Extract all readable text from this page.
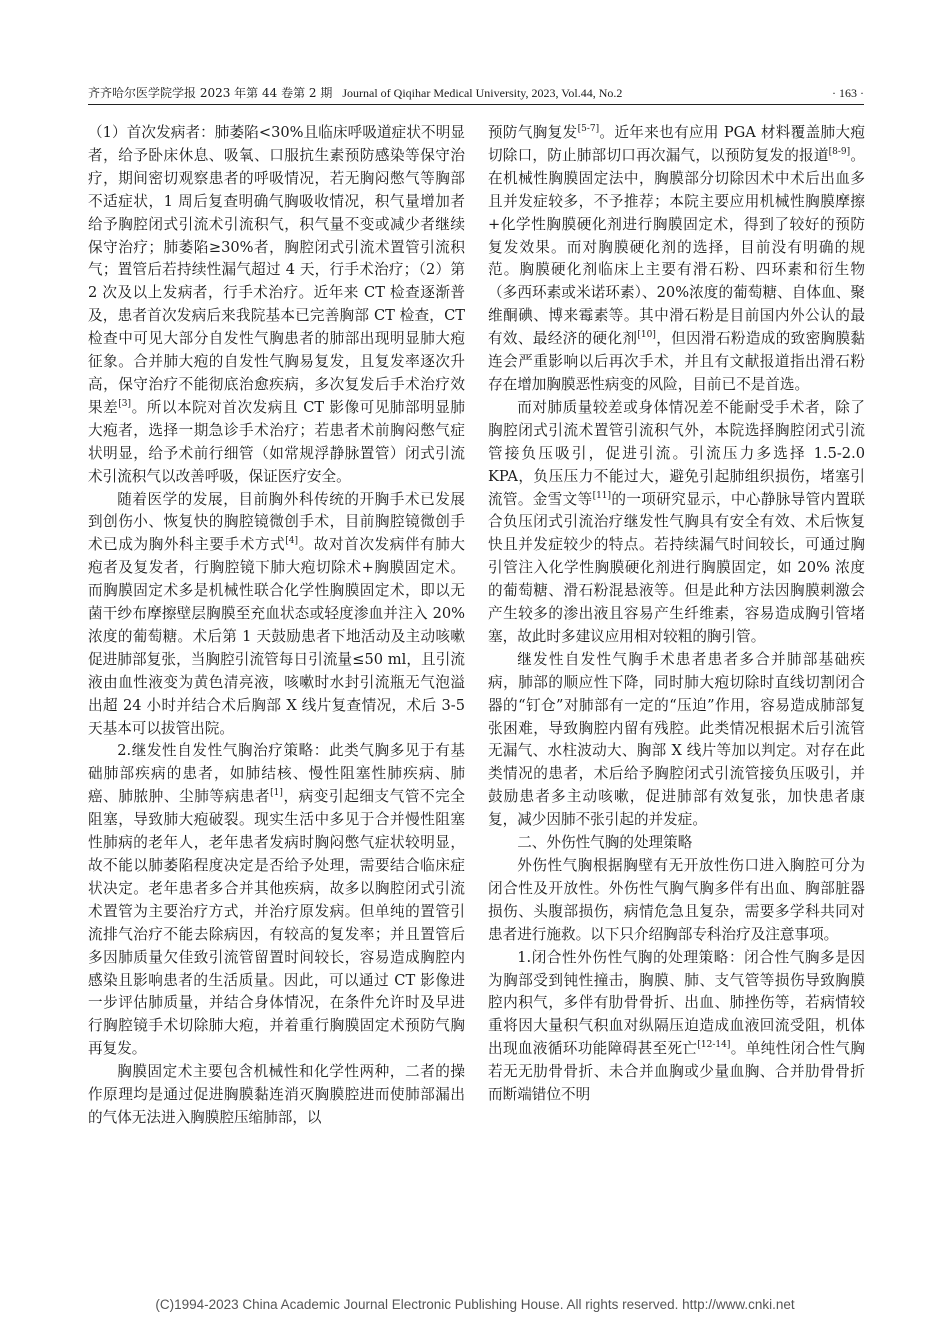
齐齐哈尔医学院学报 2023 年第 44 卷第 2 期 Journal of Qiqihar Medical University, 2023, Vol.44, No.2	· 163 ·

（1）首次发病者：肺萎陷<30%且临床呼吸道症状不明显者，给予卧床休息、吸氧、口服抗生素预防感染等保守治疗，期间密切观察患者的呼吸情况，若无胸闷憋气等胸部不适症状，1 周后复查明确气胸吸收情况，积气量增加者给予胸腔闭式引流术引流积气，积气量不变或减少者继续保守治疗；肺萎陷≥30%者，胸腔闭式引流术置管引流积气；置管后若持续性漏气超过 4 天，行手术治疗；（2）第 2 次及以上发病者，行手术治疗。近年来 CT 检查逐渐普及，患者首次发病后来我院基本已完善胸部 CT 检查，CT 检查中可见大部分自发性气胸患者的肺部出现明显肺大疱征象。合并肺大疱的自发性气胸易复发，且复发率逐次升高，保守治疗不能彻底治愈疾病，多次复发后手术治疗效果差[3]。所以本院对首次发病且 CT 影像可见肺部明显肺大疱者，选择一期急诊手术治疗；若患者术前胸闷憋气症状明显，给予术前行细管（如常规浮静脉置管）闭式引流术引流积气以改善呼吸，保证医疗安全。

随着医学的发展，目前胸外科传统的开胸手术已发展到创伤小、恢复快的胸腔镜微创手术，目前胸腔镜微创手术已成为胸外科主要手术方式[4]。故对首次发病伴有肺大疱者及复发者，行胸腔镜下肺大疱切除术+胸膜固定术。而胸膜固定术多是机械性联合化学性胸膜固定术，即以无菌干纱布摩擦壁层胸膜至充血状态或轻度渗血并注入 20%浓度的葡萄糖。术后第 1 天鼓励患者下地活动及主动咳嗽促进肺部复张，当胸腔引流管每日引流量≤50 ml，且引流液由血性液变为黄色清亮液，咳嗽时水封引流瓶无气泡溢出超 24 小时并结合术后胸部 X 线片复查情况，术后 3-5 天基本可以拔管出院。

2.继发性自发性气胸治疗策略：此类气胸多见于有基础肺部疾病的患者，如肺结核、慢性阻塞性肺疾病、肺癌、肺脓肿、尘肺等病患者[1]，病变引起细支气管不完全阻塞，导致肺大疱破裂。现实生活中多见于合并慢性阻塞性肺病的老年人，老年患者发病时胸闷憋气症状较明显，故不能以肺萎陷程度决定是否给予处理，需要结合临床症状决定。老年患者多合并其他疾病，故多以胸腔闭式引流术置管为主要治疗方式，并治疗原发病。但单纯的置管引流排气治疗不能去除病因，有较高的复发率；并且置管后多因肺质量欠佳致引流管留置时间较长，容易造成胸腔内感染且影响患者的生活质量。因此，可以通过 CT 影像进一步评估肺质量，并结合身体情况，在条件允许时及早进行胸腔镜手术切除肺大疱，并着重行胸膜固定术预防气胸再复发。

胸膜固定术主要包含机械性和化学性两种，二者的操作原理均是通过促进胸膜黏连消灭胸膜腔进而使肺部漏出的气体无法进入胸膜腔压缩肺部，以

预防气胸复发[5-7]。近年来也有应用 PGA 材料覆盖肺大疱切除口，防止肺部切口再次漏气，以预防复发的报道[8-9]。在机械性胸膜固定法中，胸膜部分切除因术中术后出血多且并发症较多，不予推荐；本院主要应用机械性胸膜摩擦+化学性胸膜硬化剂进行胸膜固定术，得到了较好的预防复发效果。而对胸膜硬化剂的选择，目前没有明确的规范。胸膜硬化剂临床上主要有滑石粉、四环素和衍生物（多西环素或米诺环素）、20%浓度的葡萄糖、自体血、聚维酮碘、博来霉素等。其中滑石粉是目前国内外公认的最有效、最经济的硬化剂[10]，但因滑石粉造成的致密胸膜黏连会严重影响以后再次手术，并且有文献报道指出滑石粉存在增加胸膜恶性病变的风险，目前已不是首选。

而对肺质量较差或身体情况差不能耐受手术者，除了胸腔闭式引流术置管引流积气外，本院选择胸腔闭式引流管接负压吸引，促进引流。引流压力多选择 1.5-2.0 KPA，负压压力不能过大，避免引起肺组织损伤，堵塞引流管。金雪文等[11]的一项研究显示，中心静脉导管内置联合负压闭式引流治疗继发性气胸具有安全有效、术后恢复快且并发症较少的特点。若持续漏气时间较长，可通过胸引管注入化学性胸膜硬化剂进行胸膜固定，如 20% 浓度的葡萄糖、滑石粉混悬液等。但是此种方法因胸膜刺激会产生较多的渗出液且容易产生纤维素，容易造成胸引管堵塞，故此时多建议应用相对较粗的胸引管。

继发性自发性气胸手术患者患者多合并肺部基础疾病，肺部的顺应性下降，同时肺大疱切除时直线切割闭合器的“钉仓”对肺部有一定的“压迫”作用，容易造成肺部复张困难，导致胸腔内留有残腔。此类情况根据术后引流管无漏气、水柱波动大、胸部 X 线片等加以判定。对存在此类情况的患者，术后给予胸腔闭式引流管接负压吸引，并鼓励患者多主动咳嗽，促进肺部有效复张，加快患者康复，减少因肺不张引起的并发症。

二、外伤性气胸的处理策略

外伤性气胸根据胸壁有无开放性伤口进入胸腔可分为闭合性及开放性。外伤性气胸气胸多伴有出血、胸部脏器损伤、头腹部损伤，病情危急且复杂，需要多学科共同对患者进行施救。以下只介绍胸部专科治疗及注意事项。

1.闭合性外伤性气胸的处理策略：闭合性气胸多是因为胸部受到钝性撞击，胸膜、肺、支气管等损伤导致胸膜腔内积气，多伴有肋骨骨折、出血、肺挫伤等，若病情较重将因大量积气积血对纵隔压迫造成血液回流受阻，机体出现血液循环功能障碍甚至死亡[12-14]。单纯性闭合性气胸若无无肋骨骨折、未合并血胸或少量血胸、合并肋骨骨折而断端错位不明

(C)1994-2023 China Academic Journal Electronic Publishing House. All rights reserved. http://www.cnki.net
